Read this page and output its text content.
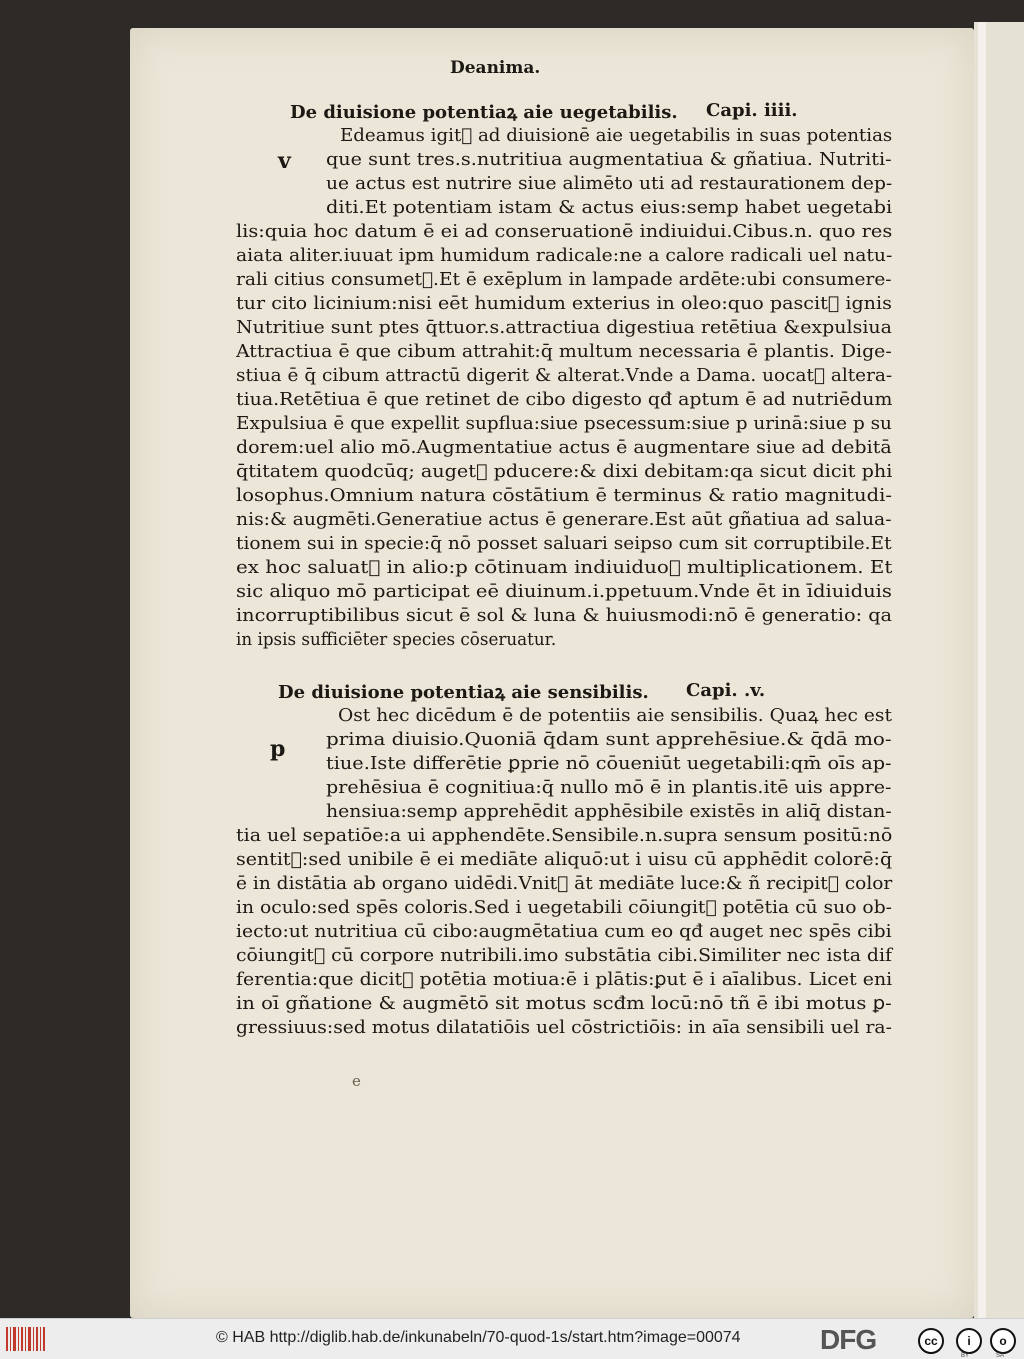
Deanima.
De diuisione potentiaꝝ aie uegetabilis. Capi. iiii.
v
De diuisione potentiaꝝ aie sensibilis. Capi. .v.
p
Edeamus igitᷣ ad diuisionē aie uegetabilis in suas potentias
que sunt tres.s.nutritiua augmentatiua & gñatiua. Nutriti-
ue actus est nutrire siue alimēto uti ad restaurationem dep-
diti.Et potentiam istam & actus eius:semp habet uegetabi
lis:quia hoc datum ē ei ad conseruationē indiuidui.Cibus.n. quo res
aiata aliter.iuuat ipm humidum radicale:ne a calore radicali uel natu-
rali citius consumetᷣ.Et ē exēplum in lampade ardēte:ubi consumere-
tur cito licinium:nisi eēt humidum exterius in oleo:quo pascitᷣ ignis
Nutritiue sunt ptes q̄ttuor.s.attractiua digestiua retētiua &expulsiua
Attractiua ē que cibum attrahit:q̄ multum necessaria ē plantis. Dige-
stiua ē q̄ cibum attractū digerit & alterat.Vnde a Dama. uocatᷣ altera-
tiua.Retētiua ē que retinet de cibo digesto qđ aptum ē ad nutriēdum
Expulsiua ē que expellit supflua:siue psecessum:siue p urinā:siue p su
dorem:uel alio mō.Augmentatiue actus ē augmentare siue ad debitā
q̄titatem quodcūq; augetᷣ pducere:& dixi debitam:qa sicut dicit phi
losophus.Omnium natura cōstātium ē terminus & ratio magnitudi-
nis:& augmēti.Generatiue actus ē generare.Est aūt gñatiua ad salua-
tionem sui in specie:q̄ nō posset saluari seipso cum sit corruptibile.Et
ex hoc saluatᷣ in alio:p cōtinuam indiuiduoꝝ multiplicationem. Et
sic aliquo mō participat eē diuinum.i.ppetuum.Vnde ēt in īdiuiduis
incorruptibilibus sicut ē sol & luna & huiusmodi:nō ē generatio: qa
in ipsis sufficiēter species cōseruatur.
Ost hec dicēdum ē de potentiis aie sensibilis. Quaꝝ hec est
prima diuisio.Quoniā q̄dam sunt apprehēsiue.& q̄dā mo-
tiue.Iste differētie ꝑprie nō cōueniūt uegetabili:qm̄ oīs ap-
prehēsiua ē cognitiua:q̄ nullo mō ē in plantis.itē uis appre-
hensiua:semp apprehēdit apphēsibile existēs in aliq̄ distan-
tia uel sepatiōe:a ui apphendēte.Sensibile.n.supra sensum positū:nō
sentitᷣ:sed unibile ē ei mediāte aliquō:ut i uisu cū apphēdit colorē:q̄
ē in distātia ab organo uidēdi.Vnitᷣ āt mediāte luce:& ñ recipitᷣ color
in oculo:sed spēs coloris.Sed i uegetabili cōiungitᷣ potētia cū suo ob-
iecto:ut nutritiua cū cibo:augmētatiua cum eo qđ auget nec spēs cibi
cōiungitᷣ cū corpore nutribili.imo substātia cibi.Similiter nec ista dif
ferentia:que dicitᷣ potētia motiua:ē i plātis:ꝑut ē i aīalibus. Licet eni
in oī gñatione & augmētō sit motus scđm locū:nō tñ ē ibi motus ꝑ-
gressiuus:sed motus dilatatiōis uel cōstrictiōis: in aīa sensibili uel ra-
e
© HAB http://diglib.hab.de/inkunabeln/70-quod-1s/start.htm?image=00074	DFG	cc	i	o
BY	SA
